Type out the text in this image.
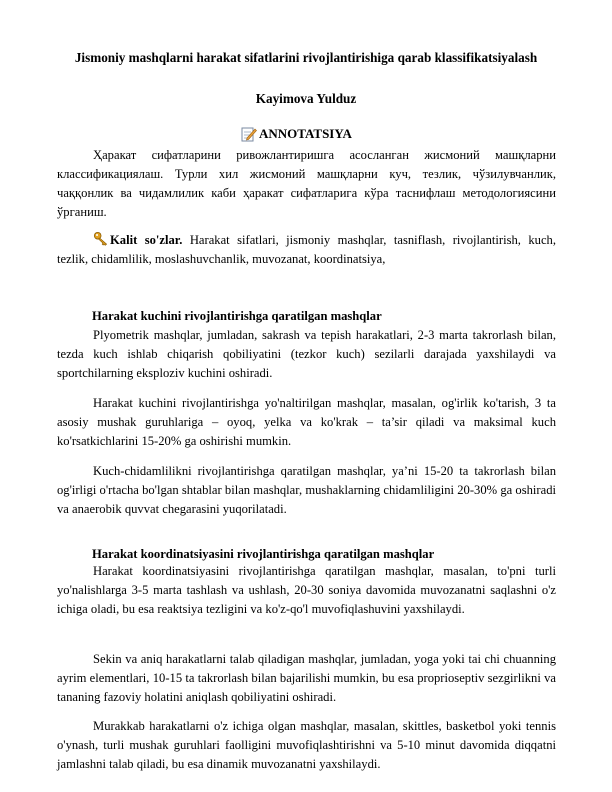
Jismoniy mashqlarni harakat sifatlarini rivojlantirishiga qarab klassifikatsiyalash
Kayimova Yulduz
ANNOTATSIYA

Ҳаракат сифатларини ривожлантиришга асосланган жисмоний машқларни классификациялаш. Турли хил жисмоний машқларни куч, тезлик, чўзилувчанлик, чаққонлик ва чидамлилик каби ҳаракат сифатларига кўра таснифлаш методологиясини ўрганиш.

Kalit so'zlar. Harakat sifatlari, jismoniy mashqlar, tasniflash, rivojlantirish, kuch, tezlik, chidamlilik, moslashuvchanlik, muvozanat, koordinatsiya,

Harakat kuchini rivojlantirishga qaratilgan mashqlar

Plyometrik mashqlar, jumladan, sakrash va tepish harakatlari, 2-3 marta takrorlash bilan, tezda kuch ishlab chiqarish qobiliyatini (tezkor kuch) sezilarli darajada yaxshilaydi va sportchilarning eksploziv kuchini oshiradi.

Harakat kuchini rivojlantirishga yo'naltirilgan mashqlar, masalan, og'irlik ko'tarish, 3 ta asosiy mushak guruhlariga – oyoq, yelka va ko'krak – ta’sir qiladi va maksimal kuch ko'rsatkichlarini 15-20% ga oshirishi mumkin.

Kuch-chidamlilikni rivojlantirishga qaratilgan mashqlar, ya’ni 15-20 ta takrorlash bilan og'irligi o'rtacha bo'lgan shtablar bilan mashqlar, mushaklarning chidamliligini 20-30% ga oshiradi va anaerobik quvvat chegarasini yuqorilatadi.

Harakat koordinatsiyasini rivojlantirishga qaratilgan mashqlar

Harakat koordinatsiyasini rivojlantirishga qaratilgan mashqlar, masalan, to'pni turli yo'nalishlarga 3-5 marta tashlash va ushlash, 20-30 soniya davomida muvozanatni saqlashni o'z ichiga oladi, bu esa reaktsiya tezligini va ko'z-qo'l muvofiqlashuvini yaxshilaydi.

Sekin va aniq harakatlarni talab qiladigan mashqlar, jumladan, yoga yoki tai chi chuanning ayrim elementlari, 10-15 ta takrorlash bilan bajarilishi mumkin, bu esa proprioseptiv sezgirlikni va tananing fazoviy holatini aniqlash qobiliyatini oshiradi.

Murakkab harakatlarni o'z ichiga olgan mashqlar, masalan, skittles, basketbol yoki tennis o'ynash, turli mushak guruhlari faolligini muvofiqlashtirishni va 5-10 minut davomida diqqatni jamlashni talab qiladi, bu esa dinamik muvozanatni yaxshilaydi.
